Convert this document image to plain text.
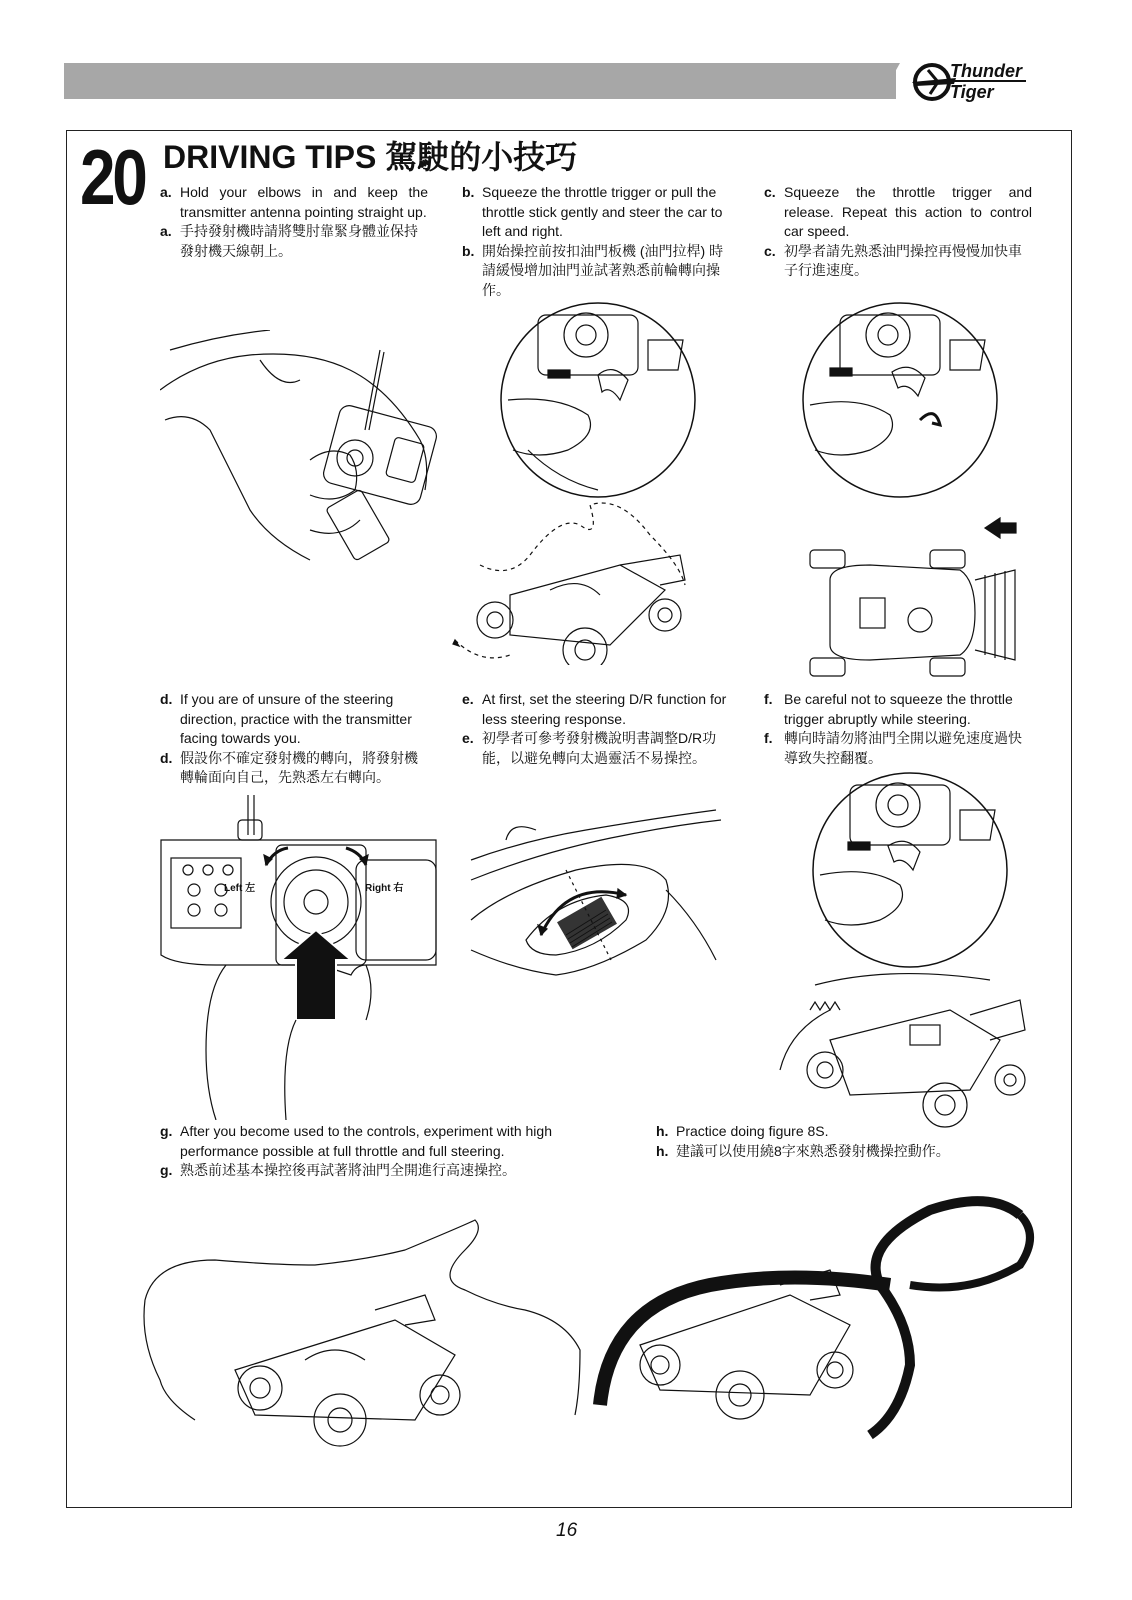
Thunder
Tiger
20 DRIVING TIPS 駕駛的小技巧
a. Hold your elbows in and keep the transmitter antenna pointing straight up.
a. 手持發射機時請將雙肘靠緊身體並保持發射機天線朝上。
b. Squeeze the throttle trigger or pull the throttle stick gently and steer the car to left and right.
b. 開始操控前按扣油門板機 (油門拉桿) 時請緩慢增加油門並試著熟悉前輪轉向操作。
c. Squeeze the throttle trigger and release. Repeat this action to control car speed.
c. 初學者請先熟悉油門操控再慢慢加快車子行進速度。
d. If you are of unsure of the steering direction, practice with the transmitter facing towards you.
d. 假設你不確定發射機的轉向，將發射機轉輪面向自己，先熟悉左右轉向。
e. At first, set the steering D/R function for less steering response.
e. 初學者可參考發射機說明書調整D/R功能，以避免轉向太過靈活不易操控。
f. Be careful not to squeeze the throttle trigger abruptly while steering.
f. 轉向時請勿將油門全開以避免速度過快導致失控翻覆。
g. After you become used to the controls, experiment with high performance possible at full throttle and full steering.
g. 熟悉前述基本操控後再試著將油門全開進行高速操控。
h. Practice doing figure 8S.
h. 建議可以使用繞8字來熟悉發射機操控動作。
Left 左	Right 右
16
